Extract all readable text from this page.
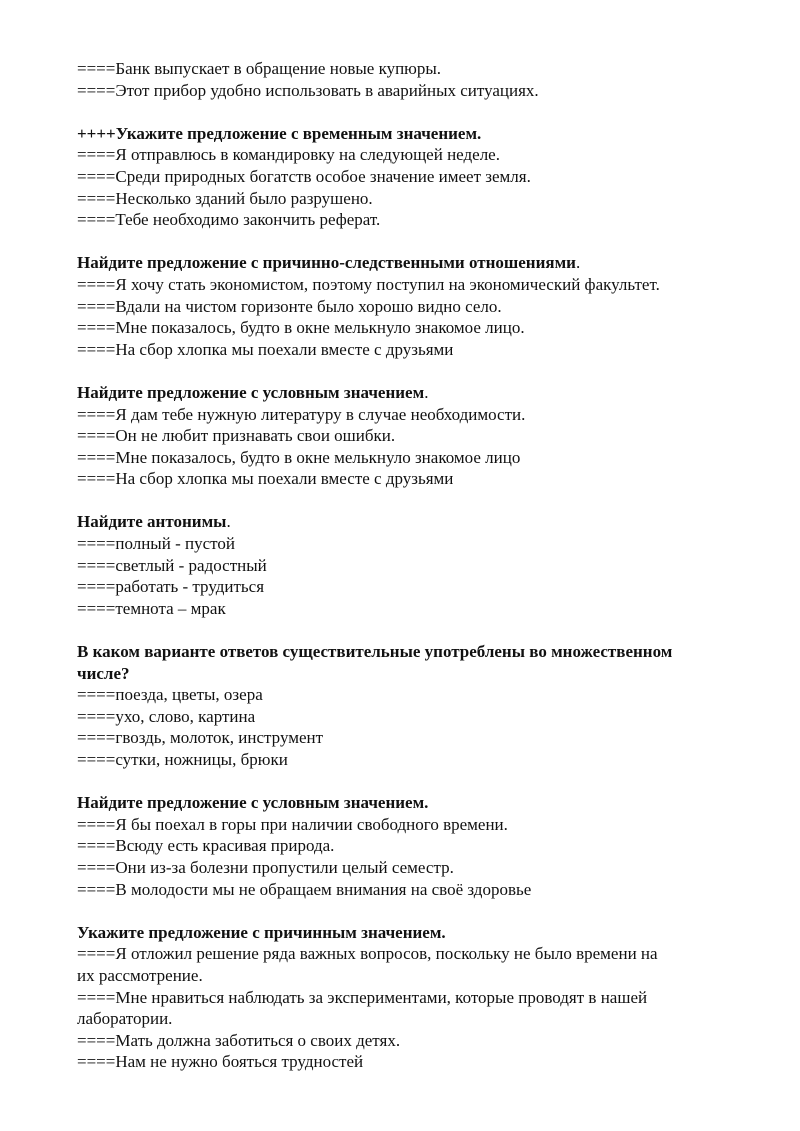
====Банк выпускает в обращение новые купюры.
====Этот прибор удобно использовать в аварийных ситуациях.
++++Укажите предложение с временным значением.
====Я отправлюсь в командировку на следующей неделе.
====Среди природных богатств особое значение имеет земля.
====Несколько зданий было разрушено.
====Тебе необходимо закончить реферат.
Найдите предложение с причинно-следственными отношениями.
====Я хочу стать экономистом, поэтому поступил на экономический факультет.
====Вдали на чистом горизонте было хорошо видно село.
====Мне показалось, будто в окне мелькнуло знакомое лицо.
====На сбор хлопка мы поехали вместе с друзьями
Найдите предложение с условным значением.
====Я дам тебе нужную литературу в случае необходимости.
====Он не любит признавать свои ошибки.
====Мне показалось, будто в окне мелькнуло знакомое лицо
====На сбор хлопка мы поехали вместе с друзьями
Найдите антонимы.
====полный - пустой
====светлый - радостный
====работать - трудиться
====темнота – мрак
В каком варианте ответов существительные употреблены во множественном
числе?
====поезда, цветы, озера
====ухо, слово, картина
====гвоздь, молоток, инструмент
====сутки, ножницы, брюки
Найдите предложение с условным значением.
====Я бы поехал в горы при наличии свободного времени.
====Всюду есть красивая природа.
====Они из-за болезни пропустили целый семестр.
====В молодости мы не обращаем внимания на своё здоровье
Укажите предложение с причинным значением.
====Я отложил решение ряда важных вопросов, поскольку не было времени на
их рассмотрение.
====Мне нравиться наблюдать за экспериментами, которые проводят в нашей
лаборатории.
====Мать должна заботиться о своих детях.
====Нам не нужно бояться трудностей
